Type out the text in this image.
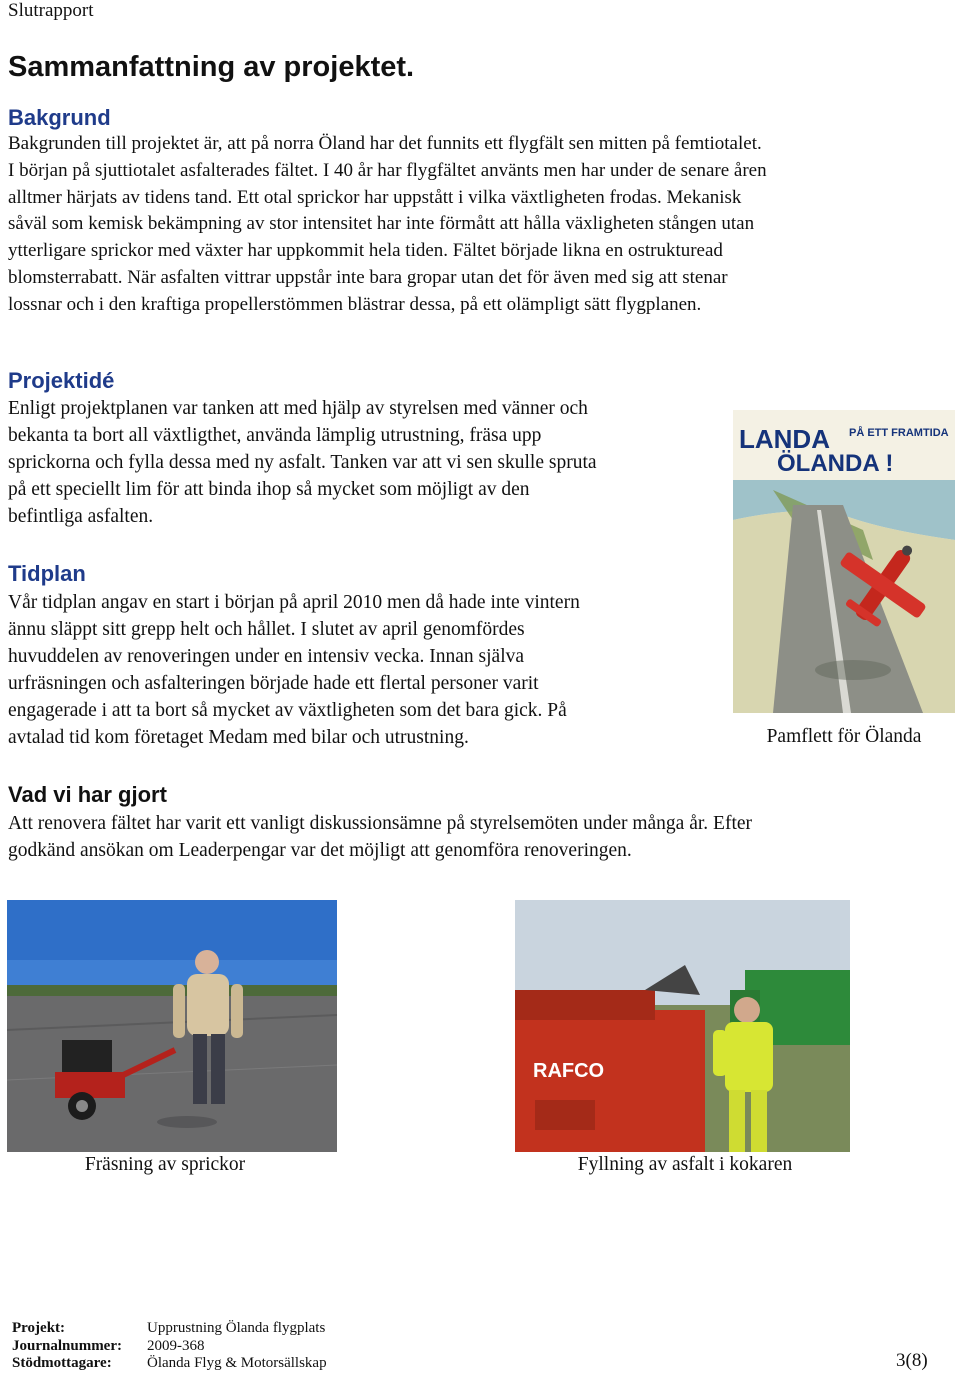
Slutrapport
Sammanfattning av projektet.
Bakgrund
Bakgrunden till projektet är, att på norra Öland har det funnits ett flygfält sen mitten på femtiotalet.
I början på sjuttiotalet asfalterades fältet. I 40 år har flygfältet använts men har under de senare åren
alltmer härjats av tidens tand. Ett otal sprickor har uppstått i vilka växtligheten frodas. Mekanisk
såväl som kemisk bekämpning av stor intensitet har inte förmått att hålla växligheten stången utan
ytterligare sprickor med växter har uppkommit hela tiden. Fältet började likna en ostrukturead
blomsterrabatt. När asfalten vittrar uppstår inte bara gropar utan det för även med sig att stenar
lossnar och i den kraftiga propellerstömmen blästrar dessa, på ett olämpligt sätt flygplanen.
Projektidé
Enligt projektplanen var tanken att med hjälp av styrelsen med vänner och
bekanta ta bort all växtligthet, använda lämplig utrustning, fräsa upp
sprickorna och fylla dessa med ny asfalt. Tanken var att vi sen skulle spruta
på ett speciellt lim för att binda ihop så mycket som möjligt av den
befintliga asfalten.
Tidplan
Vår tidplan angav en start i början på april 2010 men då hade inte vintern
ännu släppt sitt grepp helt och hållet. I slutet av april genomfördes
huvuddelen av renoveringen under en intensiv vecka. Innan själva
urfräsningen och asfalteringen började hade ett flertal personer varit
engagerade i att ta bort så mycket av växtligheten som det bara gick. På
avtalad tid kom företaget Medam med bilar och utrustning.
LANDA
ÖLANDA !
PÅ ETT FRAMTIDA
Pamflett för Ölanda
Vad vi har gjort
Att renovera fältet har varit ett vanligt diskussionsämne på styrelsemöten under många år. Efter
godkänd ansökan om Leaderpengar var det möjligt att genomföra renoveringen.
Fräsning av sprickor
RAFCO
Fyllning av asfalt i kokaren
Projekt:	Upprustning Ölanda flygplats
Journalnummer: 2009-368
Stödmottagare: Ölanda Flyg & Motorsällskap	3(8)
